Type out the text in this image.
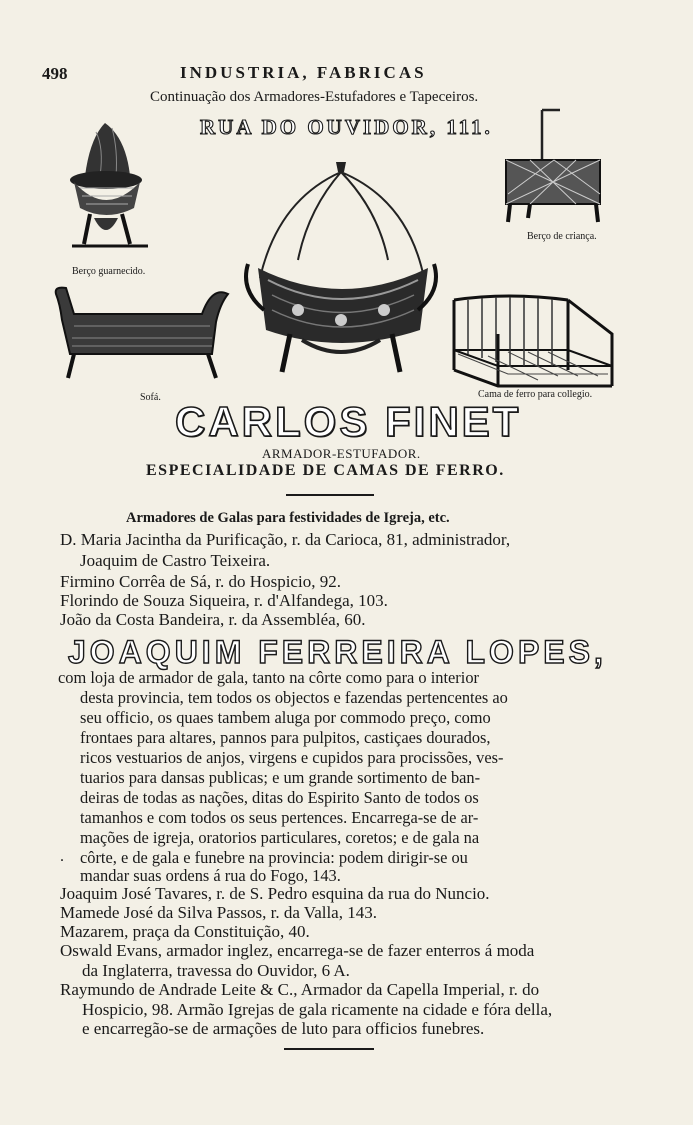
498	INDUSTRIA, FABRICAS
Continuação dos Armadores-Estufadores e Tapeceiros.
RUA DO OUVIDOR, 111.
Berço guarnecido.
Berço de criança.
Sofá.	Cama de ferro para collegio.
CARLOS FINET
ARMADOR-ESTUFADOR.
ESPECIALIDADE DE CAMAS DE FERRO.
Armadores de Galas para festividades de Igreja, etc.
D. Maria Jacintha da Purificação, r. da Carioca, 81, administrador,
Joaquim de Castro Teixeira.
Firmino Corrêa de Sá, r. do Hospicio, 92.
Florindo de Souza Siqueira, r. d'Alfandega, 103.
João da Costa Bandeira, r. da Assembléa, 60.
JOAQUIM FERREIRA LOPES,
com loja de armador de gala, tanto na côrte como para o interior
desta provincia, tem todos os objectos e fazendas pertencentes ao
seu officio, os quaes tambem aluga por commodo preço, como
frontaes para altares, pannos para pulpitos, castiçaes dourados,
ricos vestuarios de anjos, virgens e cupidos para procissões, ves-
tuarios para dansas publicas; e um grande sortimento de ban-
deiras de todas as nações, ditas do Espirito Santo de todos os
tamanhos e com todos os seus pertences. Encarrega-se de ar-
mações de igreja, oratorios particulares, coretos; e de gala na
. côrte, e de gala e funebre na provincia: podem dirigir-se ou
mandar suas ordens á rua do Fogo, 143.
Joaquim José Tavares, r. de S. Pedro esquina da rua do Nuncio.
Mamede José da Silva Passos, r. da Valla, 143.
Mazarem, praça da Constituição, 40.
Oswald Evans, armador inglez, encarrega-se de fazer enterros á moda
da Inglaterra, travessa do Ouvidor, 6 A.
Raymundo de Andrade Leite & C., Armador da Capella Imperial, r. do
Hospicio, 98. Armão Igrejas de gala ricamente na cidade e fóra della,
e encarregão-se de armações de luto para officios funebres.
